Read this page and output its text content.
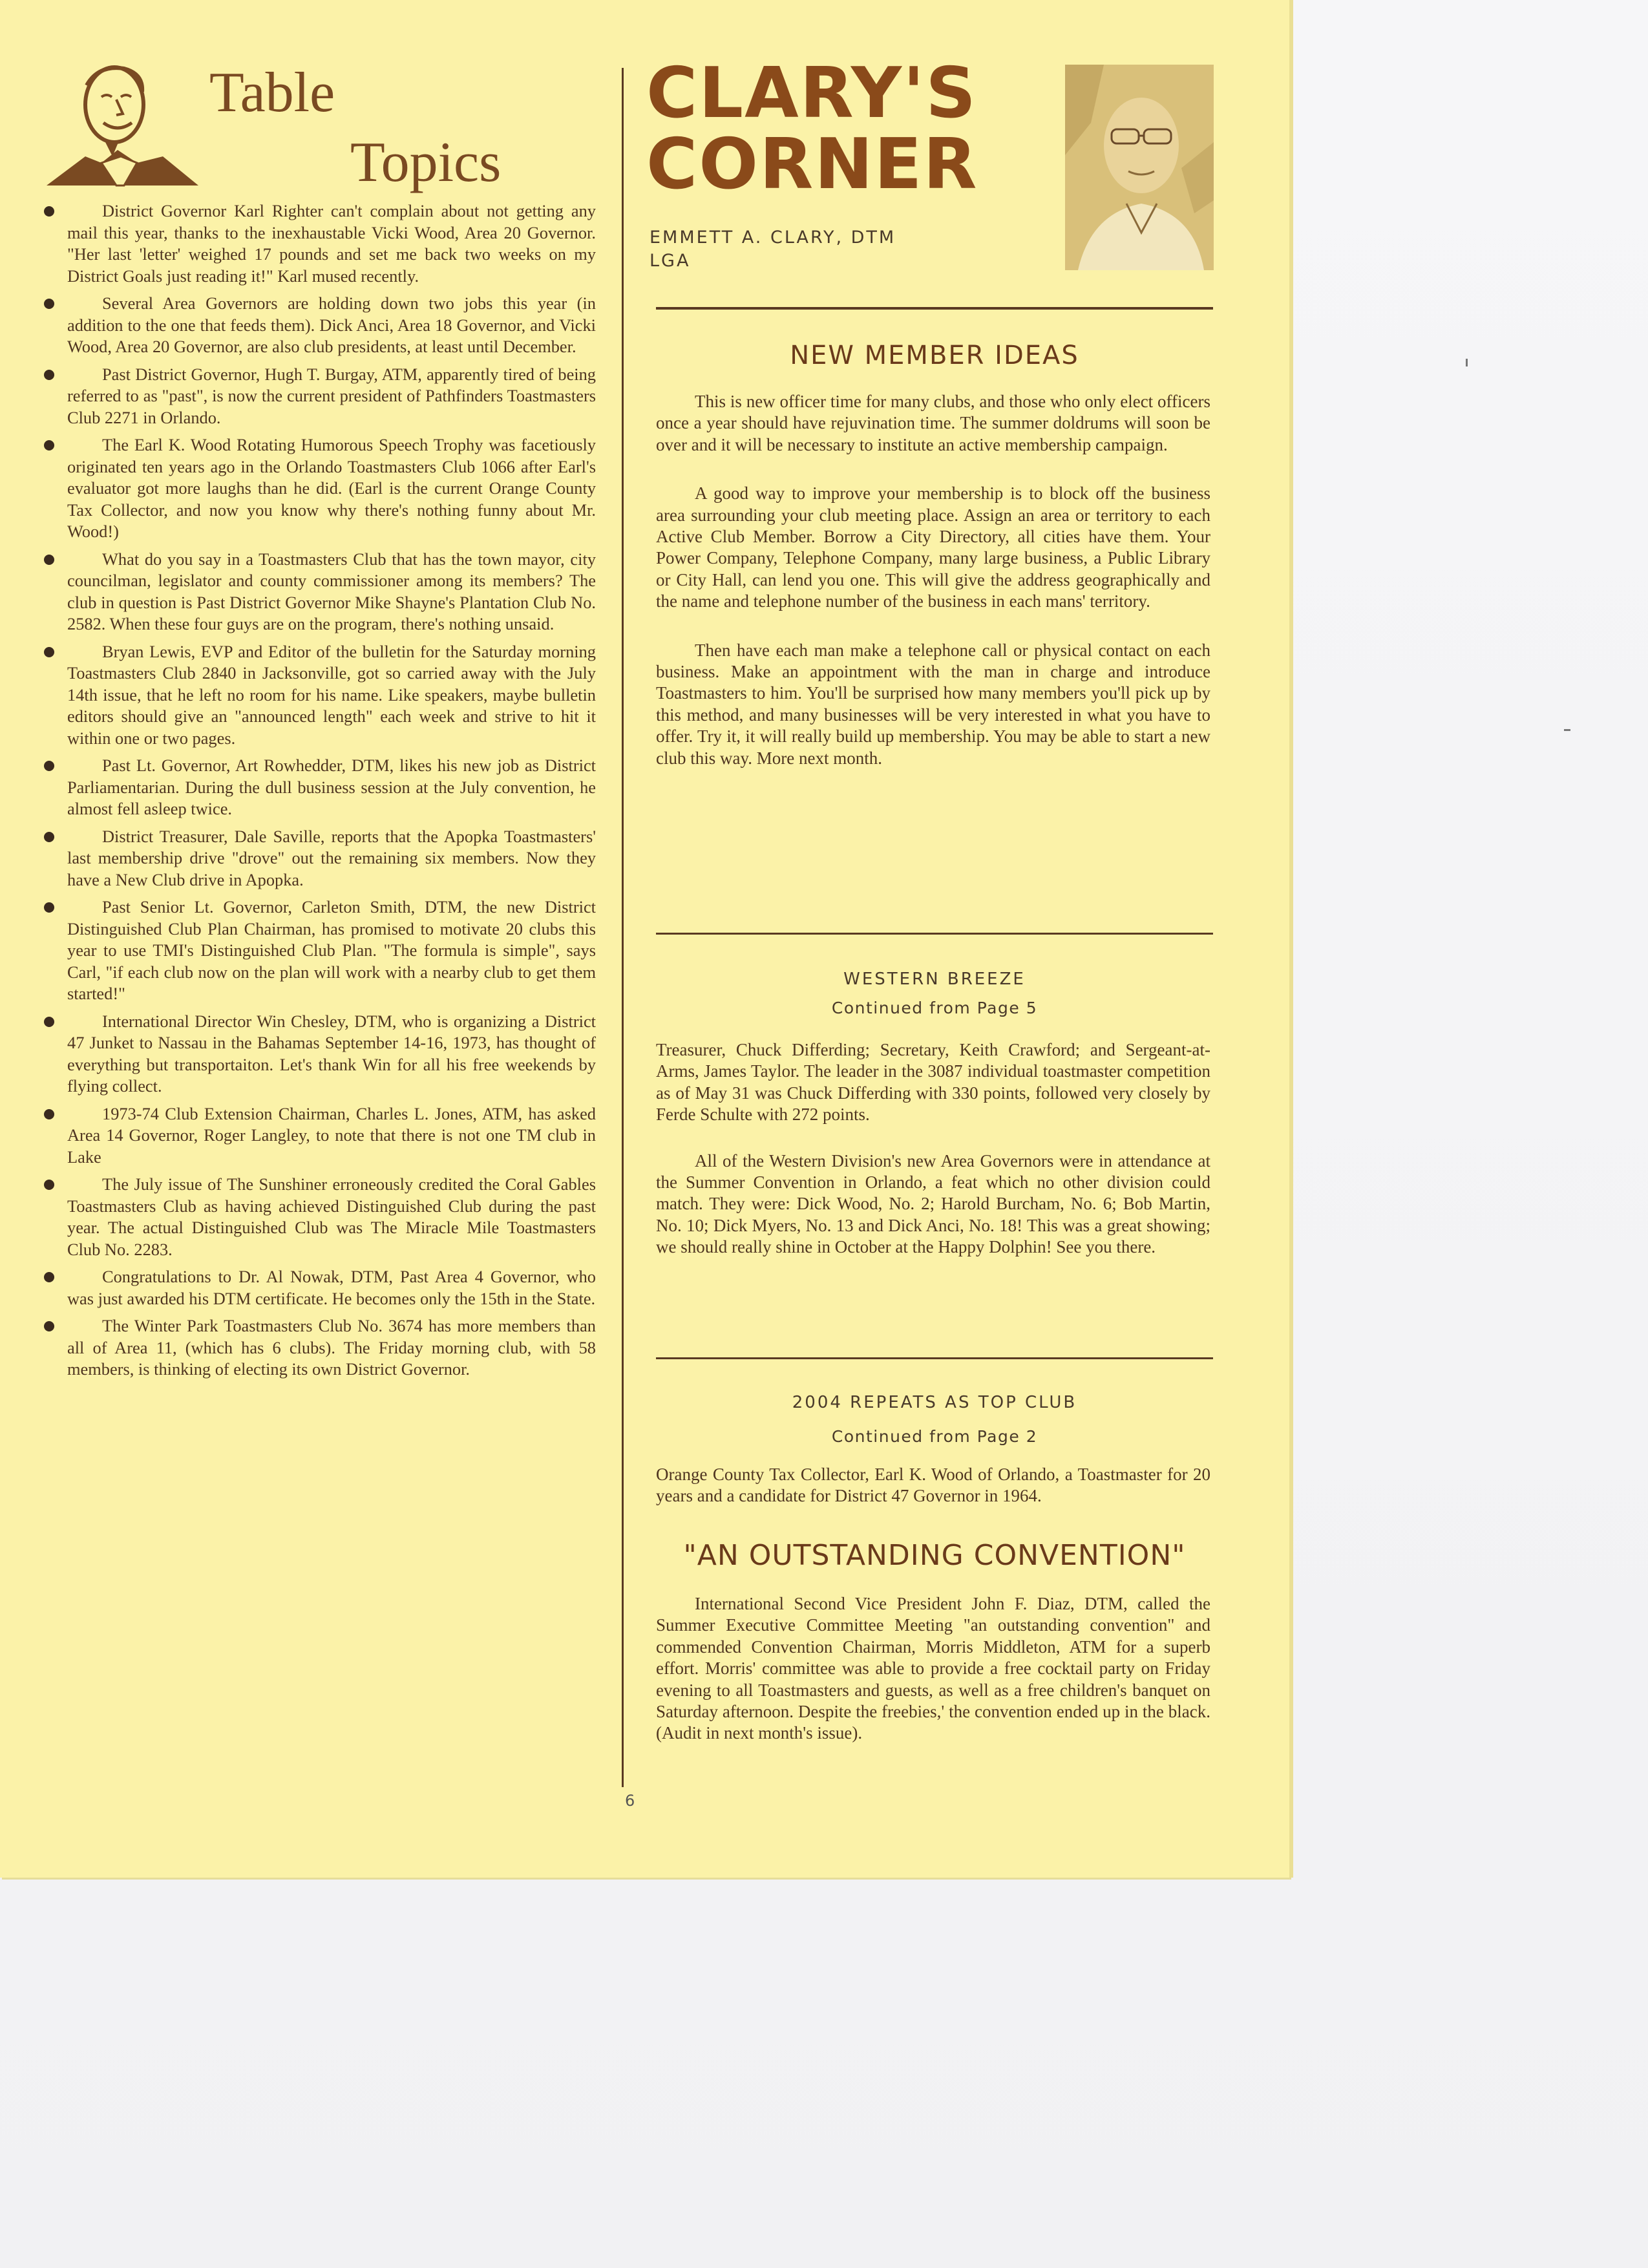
Table
Topics
District Governor Karl Righter can't complain about not getting any mail this year, thanks to the inexhaustable Vicki Wood, Area 20 Governor. "Her last 'letter' weighed 17 pounds and set me back two weeks on my District Goals just reading it!" Karl mused recently.
Several Area Governors are holding down two jobs this year (in addition to the one that feeds them). Dick Anci, Area 18 Governor, and Vicki Wood, Area 20 Governor, are also club presidents, at least until December.
Past District Governor, Hugh T. Burgay, ATM, apparently tired of being referred to as "past", is now the current president of Pathfinders Toastmasters Club 2271 in Orlando.
The Earl K. Wood Rotating Humorous Speech Trophy was facetiously originated ten years ago in the Orlando Toastmasters Club 1066 after Earl's evaluator got more laughs than he did. (Earl is the current Orange County Tax Collector, and now you know why there's nothing funny about Mr. Wood!)
What do you say in a Toastmasters Club that has the town mayor, city councilman, legislator and county commissioner among its members? The club in question is Past District Governor Mike Shayne's Plantation Club No. 2582. When these four guys are on the program, there's nothing unsaid.
Bryan Lewis, EVP and Editor of the bulletin for the Saturday morning Toastmasters Club 2840 in Jacksonville, got so carried away with the July 14th issue, that he left no room for his name. Like speakers, maybe bulletin editors should give an "announced length" each week and strive to hit it within one or two pages.
Past Lt. Governor, Art Rowhedder, DTM, likes his new job as District Parliamentarian. During the dull business session at the July convention, he almost fell asleep twice.
District Treasurer, Dale Saville, reports that the Apopka Toastmasters' last membership drive "drove" out the remaining six members. Now they have a New Club drive in Apopka.
Past Senior Lt. Governor, Carleton Smith, DTM, the new District Distinguished Club Plan Chairman, has promised to motivate 20 clubs this year to use TMI's Distinguished Club Plan. "The formula is simple", says Carl, "if each club now on the plan will work with a nearby club to get them started!"
International Director Win Chesley, DTM, who is organizing a District 47 Junket to Nassau in the Bahamas September 14-16, 1973, has thought of everything but transportaiton. Let's thank Win for all his free weekends by flying collect.
1973-74 Club Extension Chairman, Charles L. Jones, ATM, has asked Area 14 Governor, Roger Langley, to note that there is not one TM club in Lake
The July issue of The Sunshiner erroneously credited the Coral Gables Toastmasters Club as having achieved Distinguished Club during the past year. The actual Distinguished Club was The Miracle Mile Toastmasters Club No. 2283.
Congratulations to Dr. Al Nowak, DTM, Past Area 4 Governor, who was just awarded his DTM certificate. He becomes only the 15th in the State.
The Winter Park Toastmasters Club No. 3674 has more members than all of Area 11, (which has 6 clubs). The Friday morning club, with 58 members, is thinking of electing its own District Governor.
CLARY'S
CORNER
EMMETT A. CLARY, DTM
LGA
NEW MEMBER IDEAS
This is new officer time for many clubs, and those who only elect officers once a year should have rejuvination time. The summer doldrums will soon be over and it will be necessary to institute an active membership campaign.
A good way to improve your membership is to block off the business area surrounding your club meeting place. Assign an area or territory to each Active Club Member. Borrow a City Directory, all cities have them. Your Power Company, Telephone Company, many large business, a Public Library or City Hall, can lend you one. This will give the address geographically and the name and telephone number of the business in each mans' territory.
Then have each man make a telephone call or physical contact on each business. Make an appointment with the man in charge and introduce Toastmasters to him. You'll be surprised how many members you'll pick up by this method, and many businesses will be very interested in what you have to offer. Try it, it will really build up membership. You may be able to start a new club this way. More next month.
WESTERN BREEZE
Continued from Page 5
Treasurer, Chuck Differding; Secretary, Keith Crawford; and Sergeant-at-Arms, James Taylor. The leader in the 3087 individual toastmaster competition as of May 31 was Chuck Differding with 330 points, followed very closely by Ferde Schulte with 272 points.
All of the Western Division's new Area Governors were in attendance at the Summer Convention in Orlando, a feat which no other division could match. They were: Dick Wood, No. 2; Harold Burcham, No. 6; Bob Martin, No. 10; Dick Myers, No. 13 and Dick Anci, No. 18! This was a great showing; we should really shine in October at the Happy Dolphin! See you there.
2004 REPEATS AS TOP CLUB
Continued from Page 2
Orange County Tax Collector, Earl K. Wood of Orlando, a Toastmaster for 20 years and a candidate for District 47 Governor in 1964.
"AN OUTSTANDING CONVENTION"
International Second Vice President John F. Diaz, DTM, called the Summer Executive Committee Meeting "an outstanding convention" and commended Convention Chairman, Morris Middleton, ATM for a superb effort. Morris' committee was able to provide a free cocktail party on Friday evening to all Toastmasters and guests, as well as a free children's banquet on Saturday afternoon. Despite the freebies,' the convention ended up in the black. (Audit in next month's issue).
6
